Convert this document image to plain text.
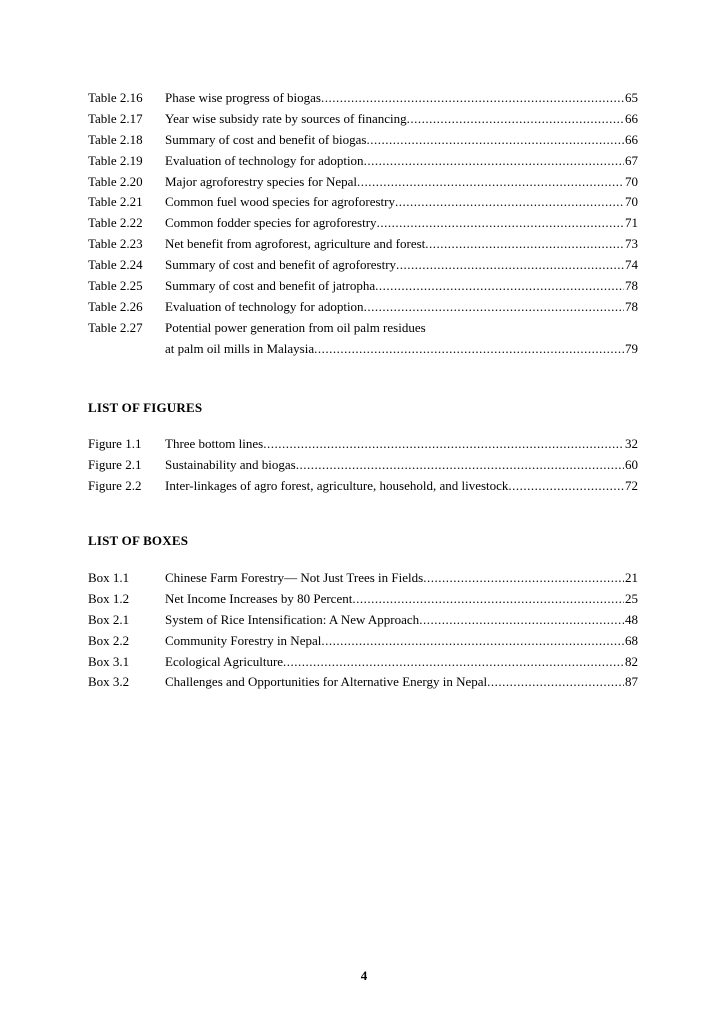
Table 2.16	Phase wise progress of biogas .....	65
Table 2.17	Year wise subsidy rate by sources of financing .....	66
Table 2.18	Summary of cost and benefit of biogas .....	66
Table 2.19	Evaluation of technology for adoption .....	67
Table 2.20	Major agroforestry species for Nepal .....	70
Table 2.21	Common fuel wood species for agroforestry .....	70
Table 2.22	Common fodder species for agroforestry .....	71
Table 2.23	Net benefit from agroforest, agriculture and forest .....	73
Table 2.24	Summary of cost and benefit of agroforestry .....	74
Table 2.25	Summary of cost and benefit of jatropha .....	78
Table 2.26	Evaluation of technology for adoption .....	78
Table 2.27	Potential power generation from oil palm residues
at palm oil mills in Malaysia .....	79
LIST OF FIGURES
Figure 1.1	Three bottom lines .....	32
Figure 2.1	Sustainability and biogas .....	60
Figure 2.2	Inter-linkages of agro forest, agriculture, household, and livestock .....	72
LIST OF BOXES
Box 1.1	Chinese Farm Forestry— Not Just Trees in Fields .....	21
Box 1.2	Net Income Increases by 80 Percent .....	25
Box 2.1	System of Rice Intensification: A New Approach .....	48
Box 2.2	Community Forestry in Nepal .....	68
Box 3.1	Ecological Agriculture .....	82
Box 3.2	Challenges and Opportunities for Alternative Energy in Nepal .....	87
4
